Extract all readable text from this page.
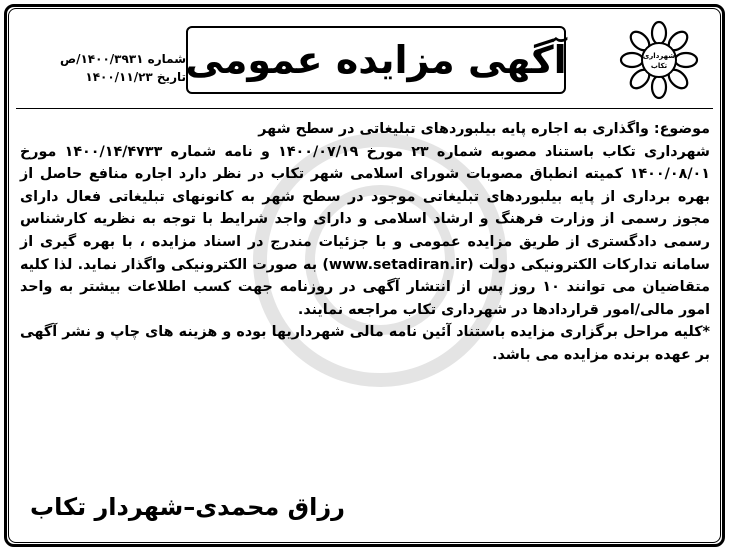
شماره ۱۴۰۰/۳۹۳۱/ص
تاریخ ۱۴۰۰/۱۱/۲۳ آگهی مزایده عمومی	شهرداری
تکاب

موضوع: واگذاری به اجاره پایه بیلبوردهای تبلیغاتی در سطح شهر

شهرداری تکاب باستناد مصوبه شماره ۲۳ مورخ ۱۴۰۰/۰۷/۱۹ و نامه شماره ۱۴۰۰/۱۴/۴۷۳۳ مورخ ۱۴۰۰/۰۸/۰۱ کمیته انطباق مصوبات شورای اسلامی شهر تکاب در نظر دارد اجاره منافع حاصل از بهره برداری از پایه بیلبوردهای تبلیغاتی موجود در سطح شهر به کانونهای تبلیغاتی فعال دارای مجوز رسمی از وزارت فرهنگ و ارشاد اسلامی و دارای واجد شرایط با توجه به نظریه کارشناس رسمی دادگستری از طریق مزایده عمومی و با جزئیات مندرج در اسناد مزایده ، با بهره گیری از سامانه تدارکات الکترونیکی دولت (www.setadiran.ir) به صورت الکترونیکی واگذار نماید. لذا کلیه متقاضیان می توانند ۱۰ روز پس از انتشار آگهی در روزنامه جهت کسب اطلاعات بیشتر به واحد امور مالی/امور قراردادها در شهرداری تکاب مراجعه نمایند.

*کلیه مراحل برگزاری مزایده باستناد آئین نامه مالی شهرداریها بوده و هزینه های چاپ و نشر آگهی بر عهده برنده مزایده می باشد.

رزاق محمدی–شهردار تکاب
